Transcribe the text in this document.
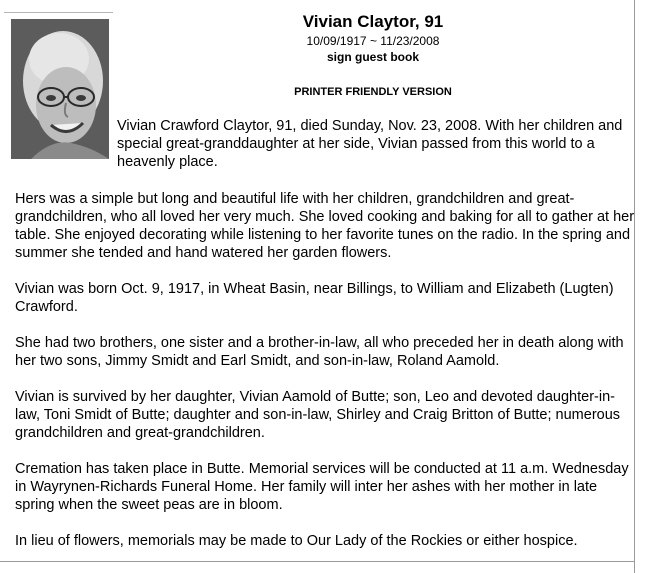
Vivian Claytor, 91
10/09/1917 ~ 11/23/2008
sign guest book
PRINTER FRIENDLY VERSION

Vivian Crawford Claytor, 91, died Sunday, Nov. 23, 2008. With her children and special great-granddaughter at her side, Vivian passed from this world to a heavenly place.

Hers was a simple but long and beautiful life with her children, grandchildren and great-grandchildren, who all loved her very much. She loved cooking and baking for all to gather at her table. She enjoyed decorating while listening to her favorite tunes on the radio. In the spring and summer she tended and hand watered her garden flowers.

Vivian was born Oct. 9, 1917, in Wheat Basin, near Billings, to William and Elizabeth (Lugten) Crawford.

She had two brothers, one sister and a brother-in-law, all who preceded her in death along with her two sons, Jimmy Smidt and Earl Smidt, and son-in-law, Roland Aamold.

Vivian is survived by her daughter, Vivian Aamold of Butte; son, Leo and devoted daughter-in-law, Toni Smidt of Butte; daughter and son-in-law, Shirley and Craig Britton of Butte; numerous grandchildren and great-grandchildren.

Cremation has taken place in Butte. Memorial services will be conducted at 11 a.m. Wednesday in Wayrynen-Richards Funeral Home. Her family will inter her ashes with her mother in late spring when the sweet peas are in bloom.

In lieu of flowers, memorials may be made to Our Lady of the Rockies or either hospice.
